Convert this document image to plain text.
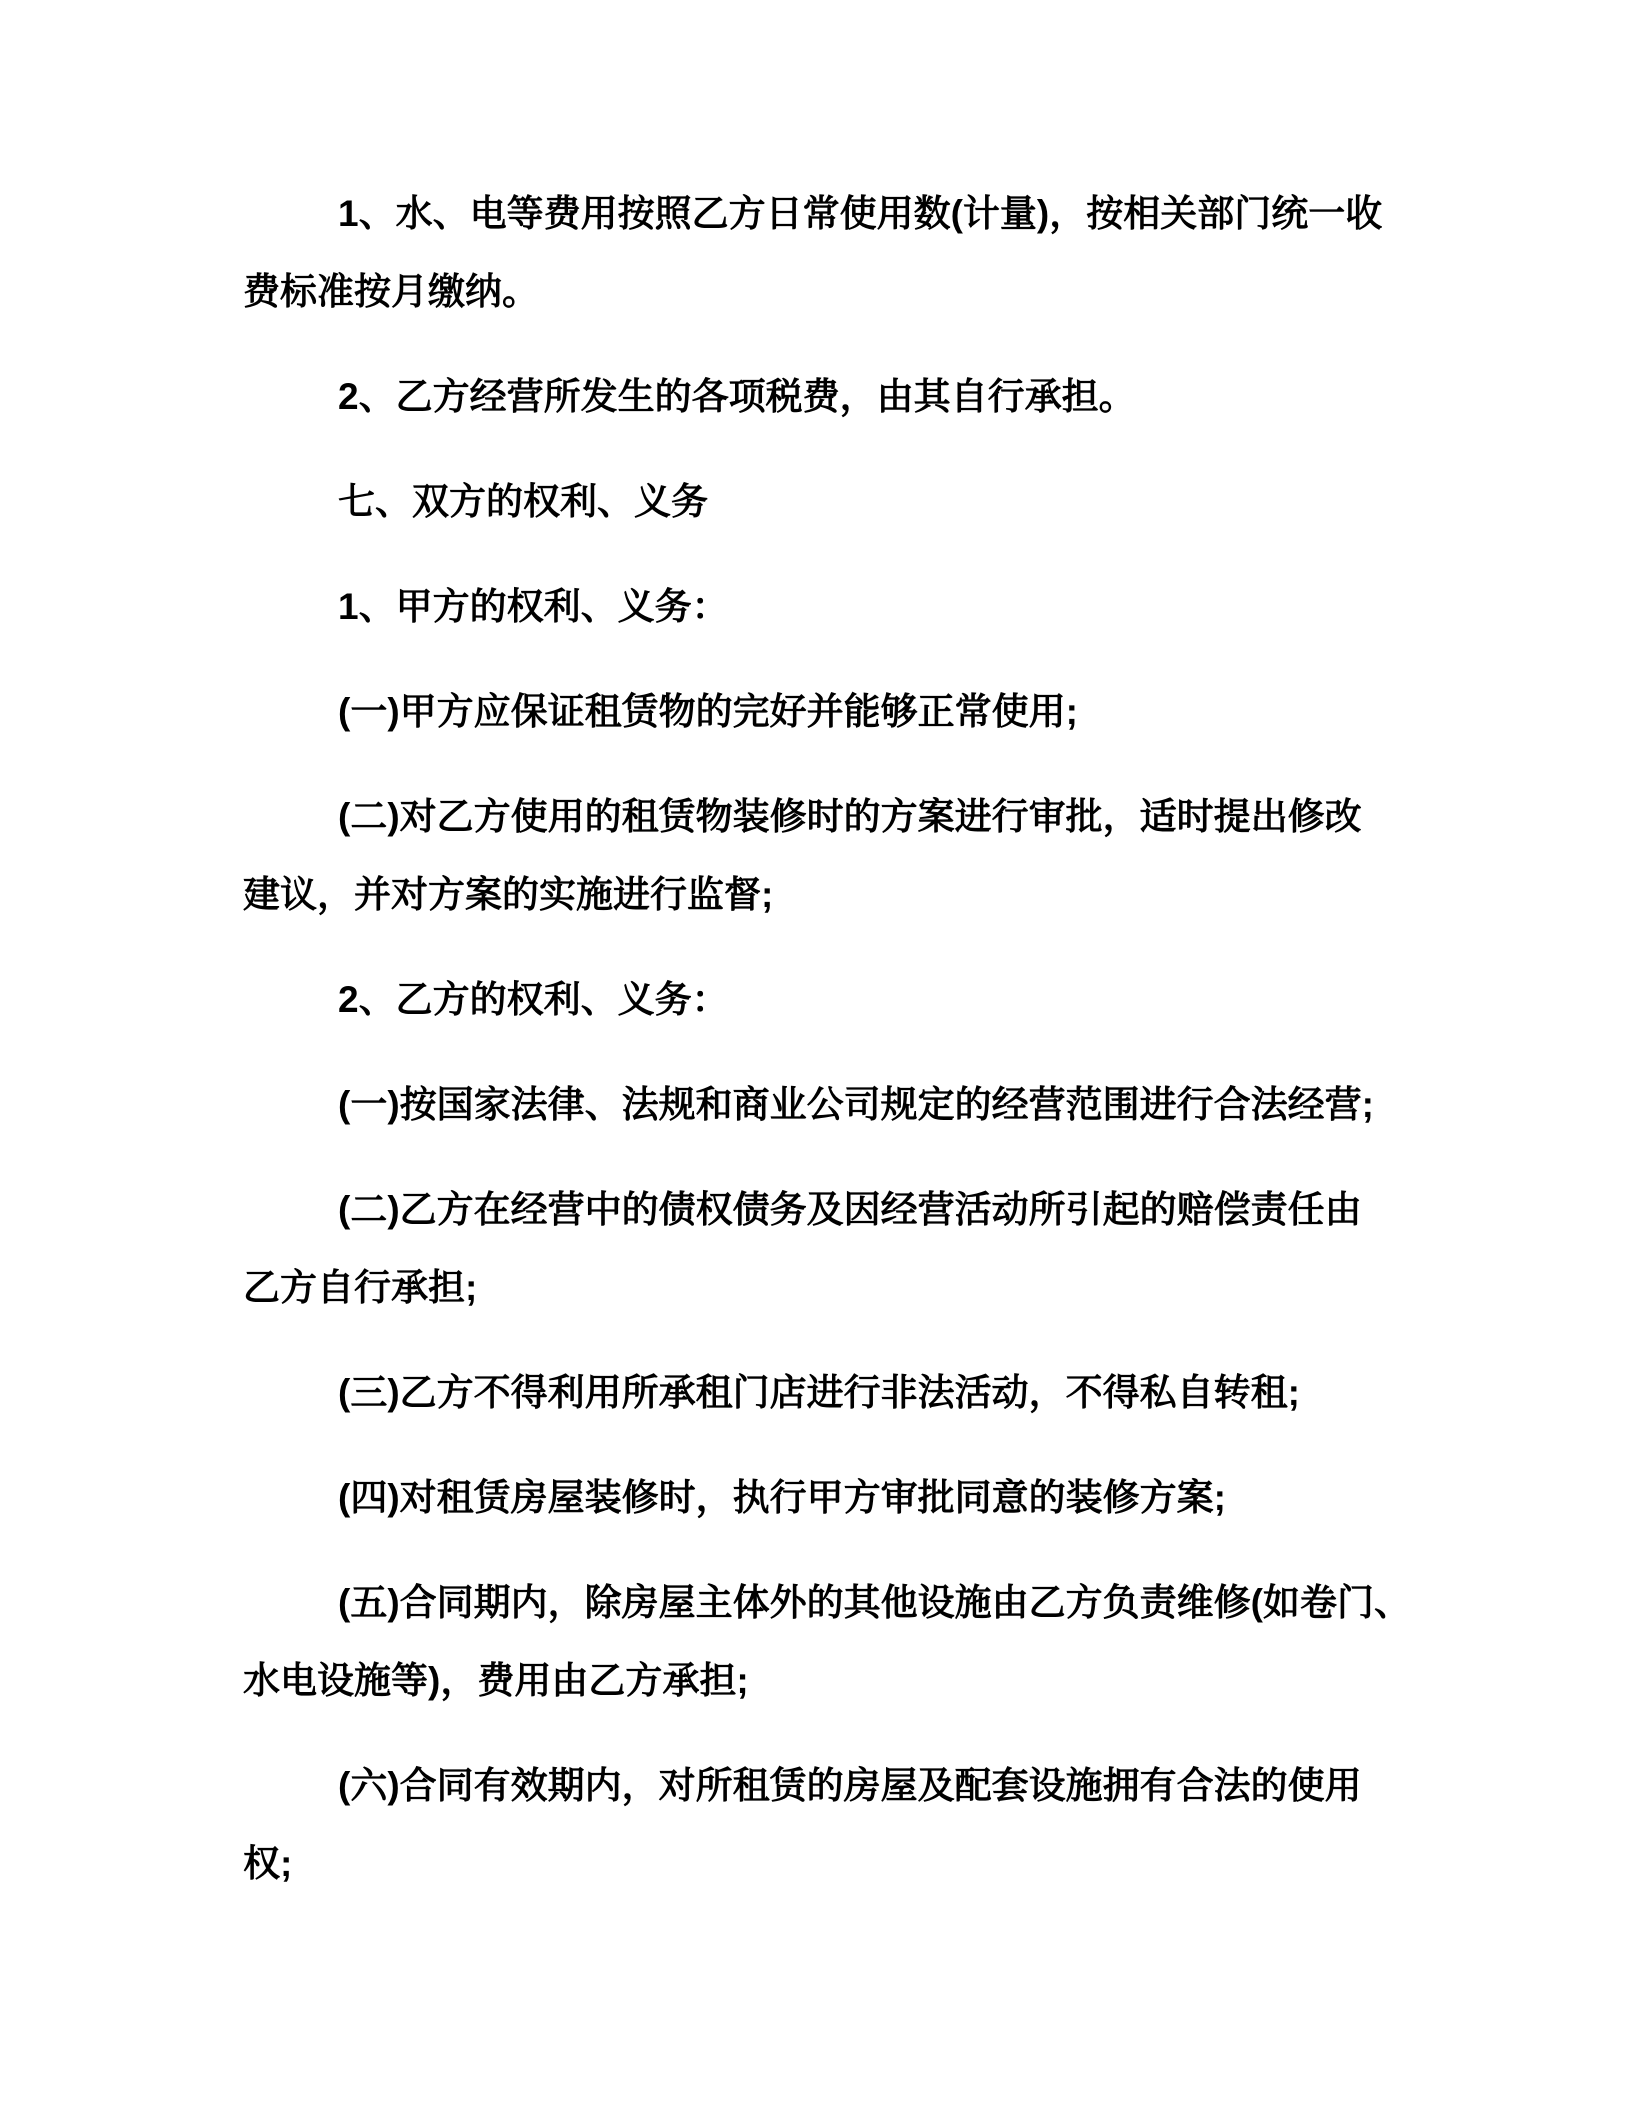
1、水、电等费用按照乙方日常使用数(计量)，按相关部门统一收
费标准按月缴纳。

2、乙方经营所发生的各项税费，由其自行承担。

七、双方的权利、义务

1、甲方的权利、义务：

(一)甲方应保证租赁物的完好并能够正常使用;

(二)对乙方使用的租赁物装修时的方案进行审批，适时提出修改
建议，并对方案的实施进行监督;

2、乙方的权利、义务：

(一)按国家法律、法规和商业公司规定的经营范围进行合法经营;

(二)乙方在经营中的债权债务及因经营活动所引起的赔偿责任由
乙方自行承担;

(三)乙方不得利用所承租门店进行非法活动，不得私自转租;

(四)对租赁房屋装修时，执行甲方审批同意的装修方案;

(五)合同期内，除房屋主体外的其他设施由乙方负责维修(如卷门、
水电设施等)，费用由乙方承担;

(六)合同有效期内，对所租赁的房屋及配套设施拥有合法的使用
权;
